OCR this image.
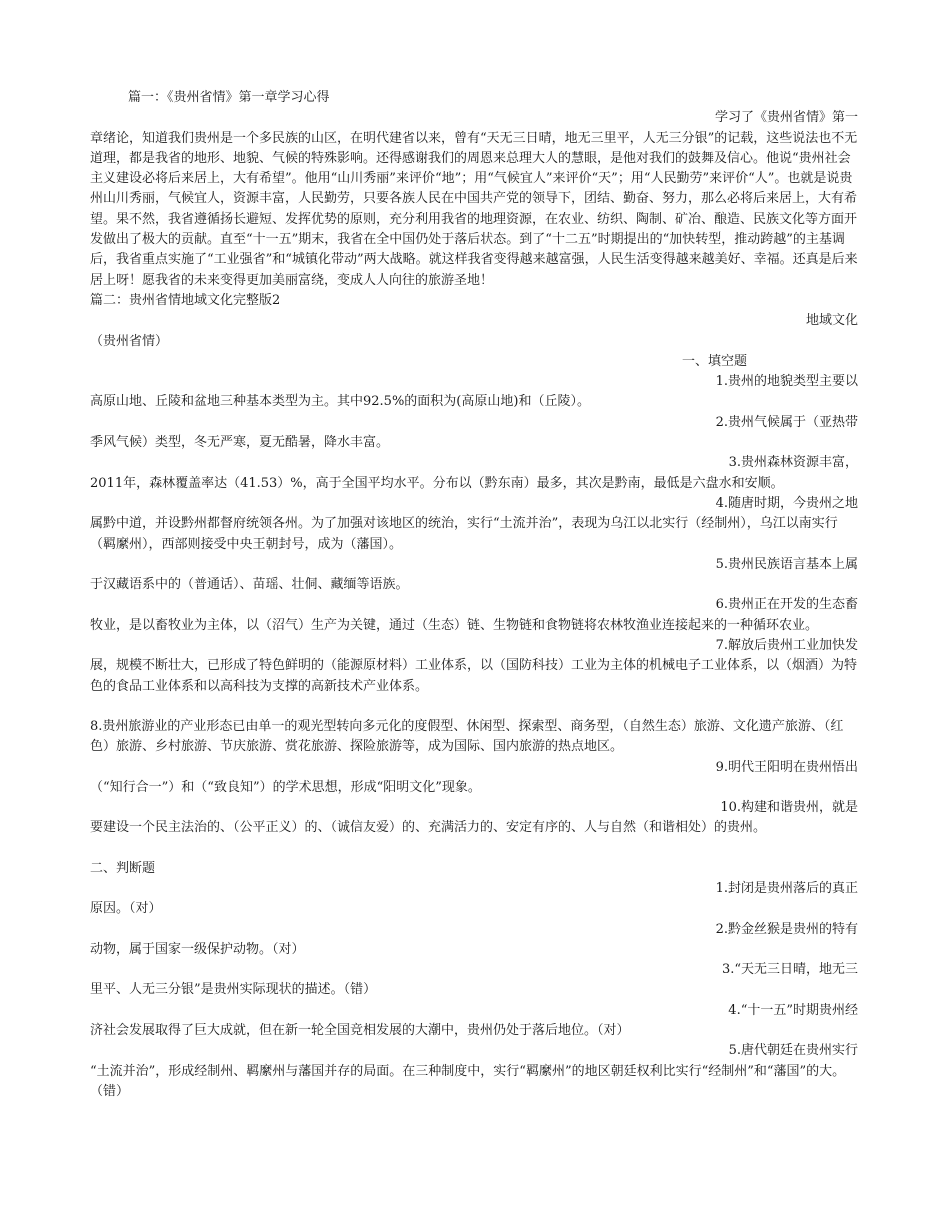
篇一：《贵州省情》第一章学习心得

学习了《贵州省情》第一

章绪论，知道我们贵州是一个多民族的山区，在明代建省以来，曾有“天无三日晴，地无三里平，人无三分银”的记载，这些说法也不无道理，都是我省的地形、地貌、气候的特殊影响。还得感谢我们的周恩来总理大人的慧眼，是他对我们的鼓舞及信心。他说“贵州社会主义建设必将后来居上，大有希望”。他用“山川秀丽”来评价“地”；用“气候宜人”来评价“天”；用“人民勤劳”来评价“人”。也就是说贵州山川秀丽，气候宜人，资源丰富，人民勤劳，只要各族人民在中国共产党的领导下，团结、勤奋、努力，那么必将后来居上，大有希望。果不然，我省遵循扬长避短、发挥优势的原则，充分利用我省的地理资源，在农业、纺织、陶制、矿冶、酿造、民族文化等方面开发做出了极大的贡献。直至“十一五”期末，我省在全中国仍处于落后状态。到了“十二五”时期提出的“加快转型，推动跨越”的主基调后，我省重点实施了“工业强省”和“城镇化带动”两大战略。就这样我省变得越来越富强，人民生活变得越来越美好、幸福。还真是后来居上呀！愿我省的未来变得更加美丽富绕，变成人人向往的旅游圣地！

篇二：贵州省情地域文化完整版2

地域文化

（贵州省情）

一、填空题

1.贵州的地貌类型主要以

高原山地、丘陵和盆地三种基本类型为主。其中92.5%的面积为(高原山地)和（丘陵）。

2.贵州气候属于（亚热带

季风气候）类型，冬无严寒，夏无酷暑，降水丰富。

3.贵州森林资源丰富，

2011年，森林覆盖率达（41.53）%，高于全国平均水平。分布以（黔东南）最多，其次是黔南，最低是六盘水和安顺。

4.随唐时期，今贵州之地

属黔中道，并设黔州都督府统领各州。为了加强对该地区的统治，实行“土流并治”，表现为乌江以北实行（经制州），乌江以南实行（羁縻州），西部则接受中央王朝封号，成为（藩国）。

5.贵州民族语言基本上属

于汉藏语系中的（普通话）、苗瑶、壮侗、藏缅等语族。

6.贵州正在开发的生态畜

牧业，是以畜牧业为主体，以（沼气）生产为关键，通过（生态）链、生物链和食物链将农林牧渔业连接起来的一种循环农业。

7.解放后贵州工业加快发

展，规模不断壮大，已形成了特色鲜明的（能源原材料）工业体系，以（国防科技）工业为主体的机械电子工业体系，以（烟酒）为特色的食品工业体系和以高科技为支撑的高新技术产业体系。

8.贵州旅游业的产业形态已由单一的观光型转向多元化的度假型、休闲型、探索型、商务型，（自然生态）旅游、文化遗产旅游、（红色）旅游、乡村旅游、节庆旅游、赏花旅游、探险旅游等，成为国际、国内旅游的热点地区。

9.明代王阳明在贵州悟出

（“知行合一”）和（“致良知”）的学术思想，形成“阳明文化”现象。

10.构建和谐贵州，就是

要建设一个民主法治的、（公平正义）的、（诚信友爱）的、充满活力的、安定有序的、人与自然（和谐相处）的贵州。

二、判断题

1.封闭是贵州落后的真正

原因。（对）

2.黔金丝猴是贵州的特有

动物，属于国家一级保护动物。（对）

3.“天无三日晴，地无三

里平、人无三分银”是贵州实际现状的描述。（错）

4.“十一五”时期贵州经

济社会发展取得了巨大成就，但在新一轮全国竞相发展的大潮中，贵州仍处于落后地位。（对）

5.唐代朝廷在贵州实行

“土流并治”，形成经制州、羁縻州与藩国并存的局面。在三种制度中，实行“羁縻州”的地区朝廷权利比实行“经制州”和“藩国”的大。（错）
